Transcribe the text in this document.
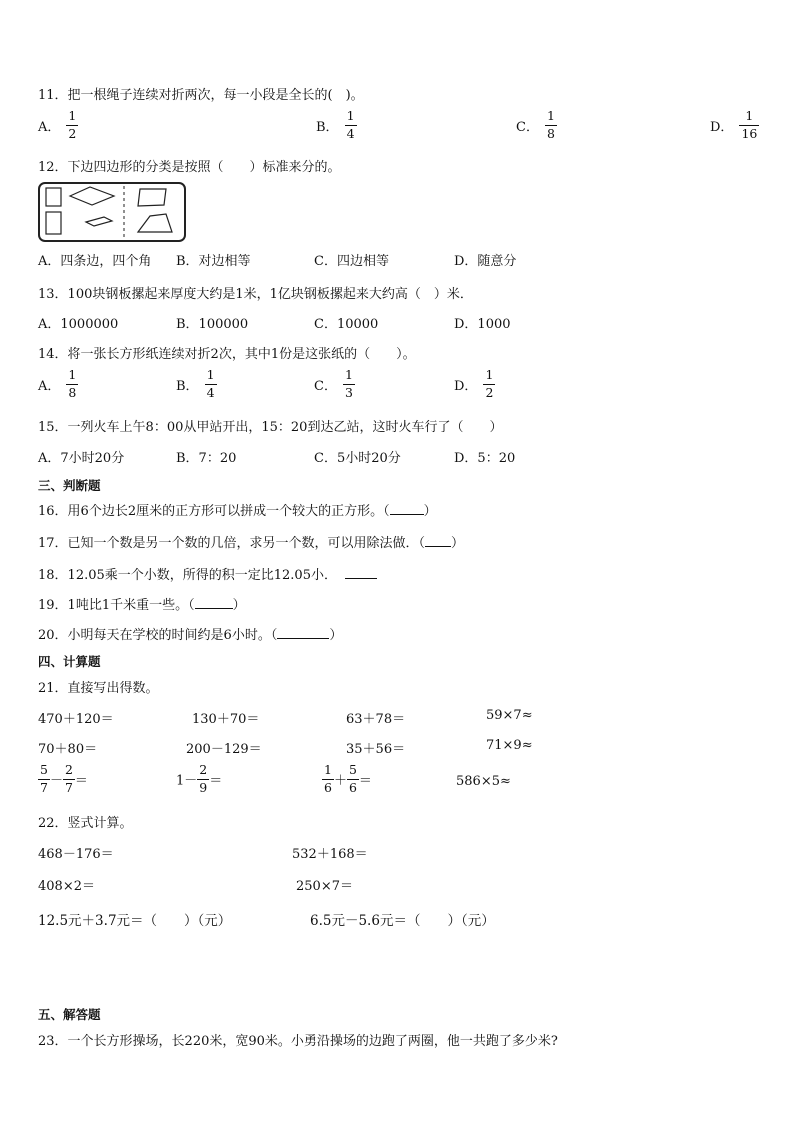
11．把一根绳子连续对折两次，每一小段是全长的(　)。
A． $\frac{1}{2}$	B． $\frac{1}{4}$	C． $\frac{1}{8}$	D． $\frac{1}{16}$
12．下边四边形的分类是按照（　　）标准来分的。
A．四条边，四个角 B．对边相等	C．四边相等	D．随意分
13．100块钢板摞起来厚度大约是1米，1亿块钢板摞起来大约高（　）米．
A．1000000	B．100000	C．10000	D．1000
14．将一张长方形纸连续对折2次，其中1份是这张纸的（　　）。
A． $\frac{1}{8}$	B． $\frac{1}{4}$	C． $\frac{1}{3}$	D． $\frac{1}{2}$
15．一列火车上午8：00从甲站开出，15：20到达乙站，这时火车行了（　　）
A．7小时20分	B．7：20	C．5小时20分	D．5：20
三、判断题
16．用6个边长2厘米的正方形可以拼成一个较大的正方形。（	）
17．已知一个数是另一个数的几倍，求另一个数，可以用除法做．（ ）
18．12.05乘一个小数，所得的积一定比12.05小．
19．1吨比1千米重一些。（	）
20．小明每天在学校的时间约是6小时。（	）
四、计算题
21．直接写出得数。
470＋120＝	130＋70＝	63＋78＝	59×7≈
70＋80＝	200－129＝	35＋56＝	71×9≈
$\frac{5}{7} - \frac{2}{7}$ ＝	$1- \frac{2}{9}$ ＝	$\frac{1}{6} + \frac{5}{6}$ ＝	586×5≈
22．竖式计算。
468－176＝	532＋168＝
408×2＝	250×7＝
12.5元＋3.7元＝（　　）（元）	6.5元－5.6元＝（　　）（元）
五、解答题
23．一个长方形操场，长220米，宽90米。小勇沿操场的边跑了两圈，他一共跑了多少米?
